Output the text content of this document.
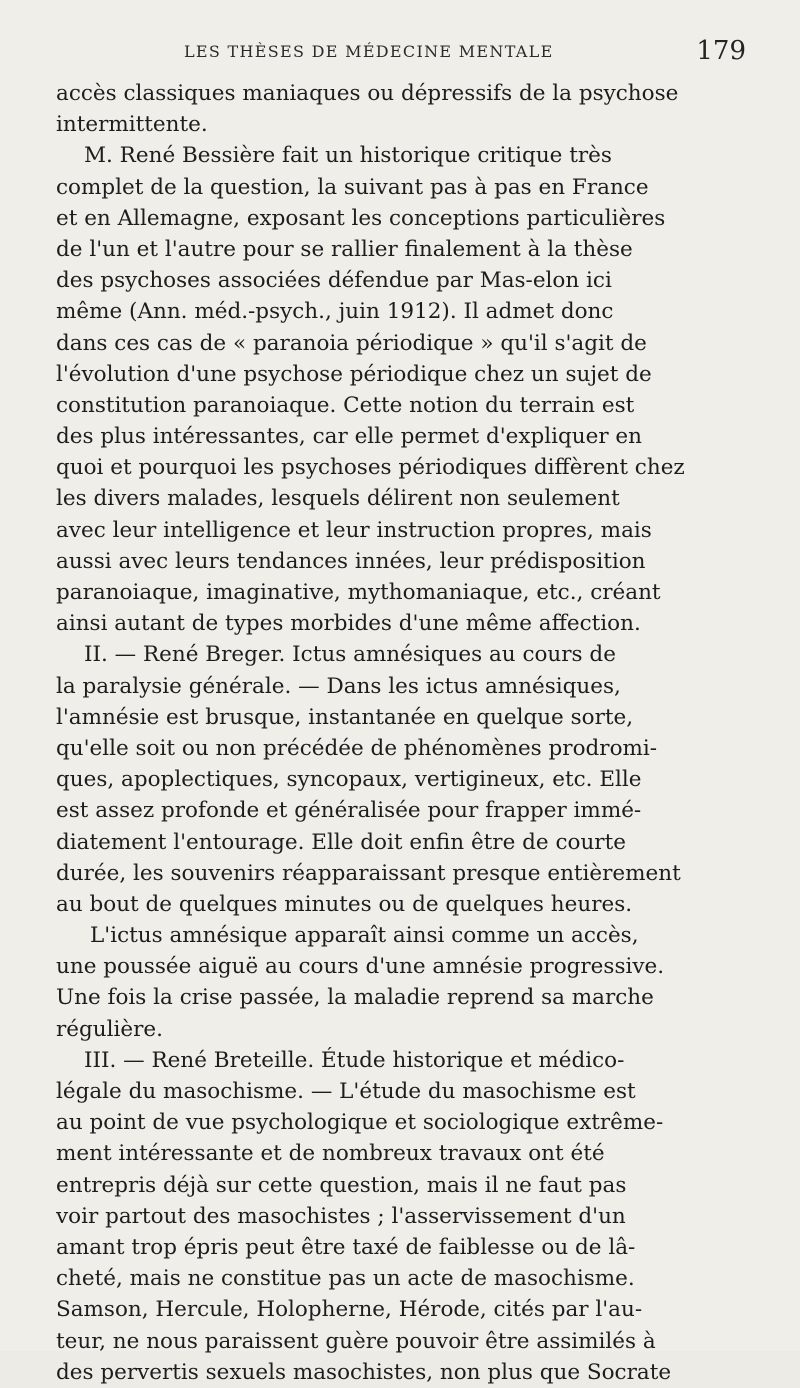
LES THÈSES DE MÉDECINE MENTALE	179
accès classiques maniaques ou dépressifs de la psychose
intermittente.
M. René Bessière fait un historique critique très
complet de la question, la suivant pas à pas en France
et en Allemagne, exposant les conceptions particulières
de l'un et l'autre pour se rallier finalement à la thèse
des psychoses associées défendue par Mas-elon ici
même (Ann. méd.-psych., juin 1912). Il admet donc
dans ces cas de « paranoia périodique » qu'il s'agit de
l'évolution d'une psychose périodique chez un sujet de
constitution paranoiaque. Cette notion du terrain est
des plus intéressantes, car elle permet d'expliquer en
quoi et pourquoi les psychoses périodiques diffèrent chez
les divers malades, lesquels délirent non seulement
avec leur intelligence et leur instruction propres, mais
aussi avec leurs tendances innées, leur prédisposition
paranoiaque, imaginative, mythomaniaque, etc., créant
ainsi autant de types morbides d'une même affection.
II. — René Breger. Ictus amnésiques au cours de
la paralysie générale. — Dans les ictus amnésiques,
l'amnésie est brusque, instantanée en quelque sorte,
qu'elle soit ou non précédée de phénomènes prodromi-
ques, apoplectiques, syncopaux, vertigineux, etc. Elle
est assez profonde et généralisée pour frapper immé-
diatement l'entourage. Elle doit enfin être de courte
durée, les souvenirs réapparaissant presque entièrement
au bout de quelques minutes ou de quelques heures.
L'ictus amnésique apparaît ainsi comme un accès,
une poussée aiguë au cours d'une amnésie progressive.
Une fois la crise passée, la maladie reprend sa marche
régulière.
III. — René Breteille. Étude historique et médico-
légale du masochisme. — L'étude du masochisme est
au point de vue psychologique et sociologique extrême-
ment intéressante et de nombreux travaux ont été
entrepris déjà sur cette question, mais il ne faut pas
voir partout des masochistes ; l'asservissement d'un
amant trop épris peut être taxé de faiblesse ou de lâ-
cheté, mais ne constitue pas un acte de masochisme.
Samson, Hercule, Holopherne, Hérode, cités par l'au-
teur, ne nous paraissent guère pouvoir être assimilés à
des pervertis sexuels masochistes, non plus que Socrate
